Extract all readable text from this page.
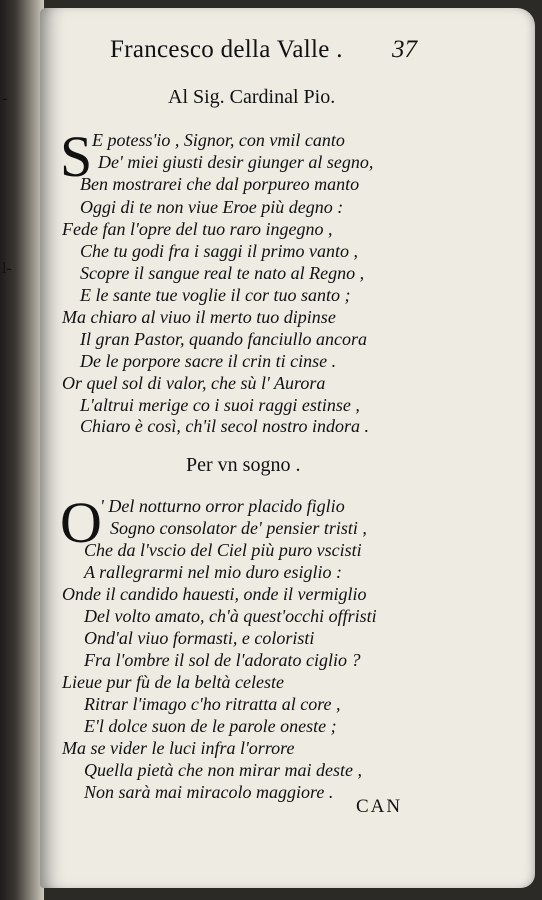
-
l-
Francesco della Valle . 37
Al Sig. Cardinal Pio.
S E potess'io , Signor, con vmil canto
De' miei giusti desir giunger al segno,
Ben mostrarei che dal porpureo manto
Oggi di te non viue Eroe più degno :
Fede fan l'opre del tuo raro ingegno ,
Che tu godi fra i saggi il primo vanto ,
Scopre il sangue real te nato al Regno ,
E le sante tue voglie il cor tuo santo ;
Ma chiaro al viuo il merto tuo dipinse
Il gran Pastor, quando fanciullo ancora
De le porpore sacre il crin ti cinse .
Or quel sol di valor, che sù l' Aurora
L'altrui merige co i suoi raggi estinse ,
Chiaro è così, ch'il secol nostro indora .
Per vn sogno .
O
' Del notturno orror placido figlio
Sogno consolator de' pensier tristi ,
Che da l'vscio del Ciel più puro vscisti
A rallegrarmi nel mio duro esiglio :
Onde il candido hauesti, onde il vermiglio
Del volto amato, ch'à quest'occhi offristi
Ond'al viuo formasti, e coloristi
Fra l'ombre il sol de l'adorato ciglio ?
Lieue pur fù de la beltà celeste
Ritrar l'imago c'ho ritratta al core ,
E'l dolce suon de le parole oneste ;
Ma se vider le luci infra l'orrore
Quella pietà che non mirar mai deste ,
Non sarà mai miracolo maggiore .
CAN
